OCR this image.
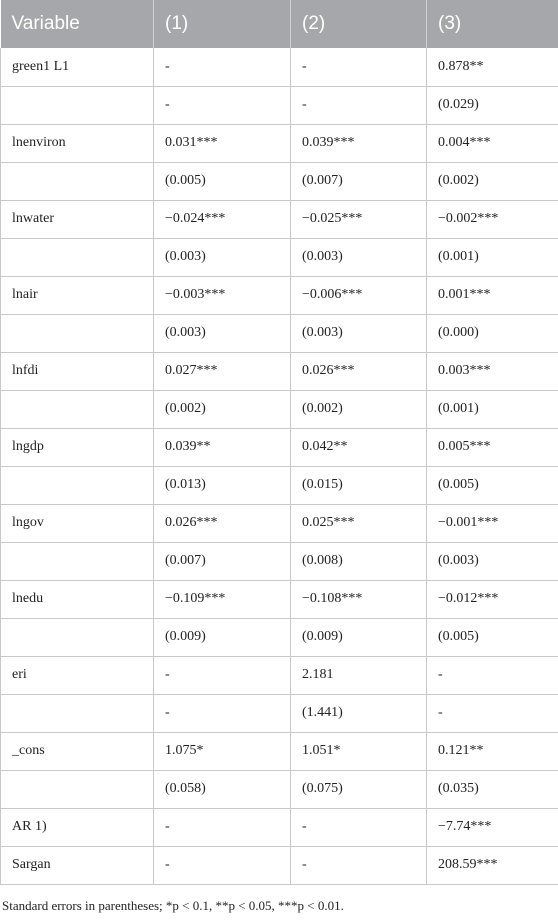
Variable	(1)	(2)	(3)
green1 L1	-	-	0.878**
	-	-	(0.029)
lnenviron	0.031***	0.039***	0.004***
	(0.005)	(0.007)	(0.002)
lnwater	−0.024***	−0.025***	−0.002***
	(0.003)	(0.003)	(0.001)
lnair	−0.003***	−0.006***	0.001***
	(0.003)	(0.003)	(0.000)
lnfdi	0.027***	0.026***	0.003***
	(0.002)	(0.002)	(0.001)
lngdp	0.039**	0.042**	0.005***
	(0.013)	(0.015)	(0.005)
lngov	0.026***	0.025***	−0.001***
	(0.007)	(0.008)	(0.003)
lnedu	−0.109***	−0.108***	−0.012***
	(0.009)	(0.009)	(0.005)
eri	-	2.181	-
	-	(1.441)	-
_cons	1.075*	1.051*	0.121**
	(0.058)	(0.075)	(0.035)
AR 1)	-	-	−7.74***
Sargan	-	-	208.59***
Standard errors in parentheses; *p < 0.1, **p < 0.05, ***p < 0.01.
